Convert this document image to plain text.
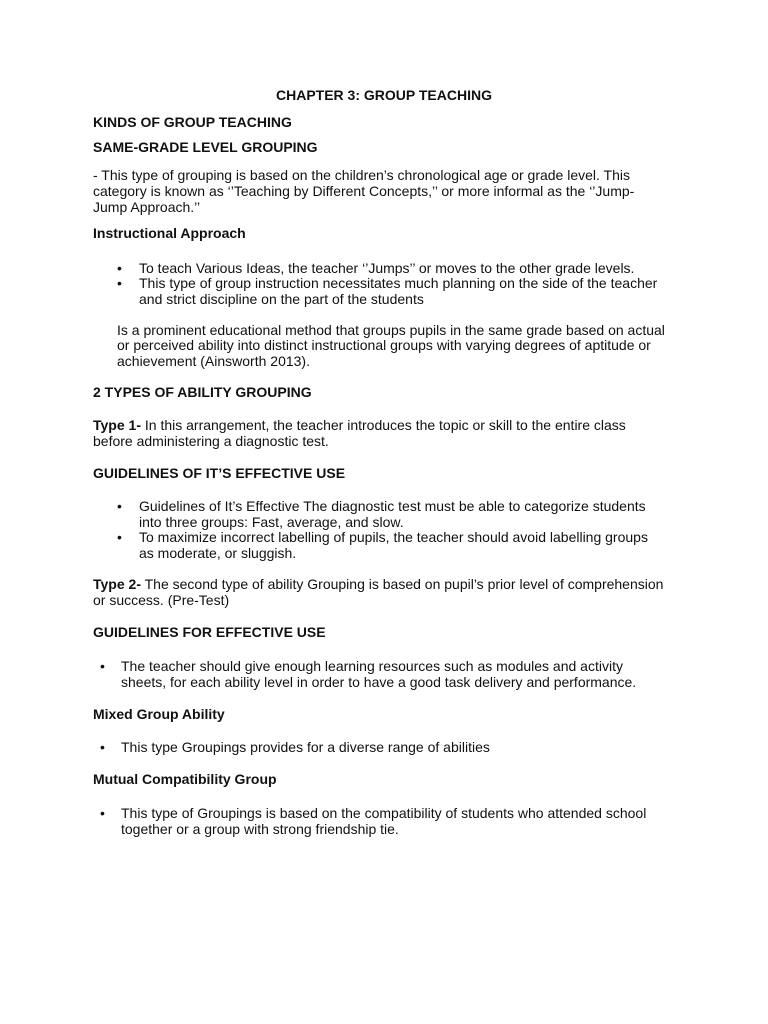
CHAPTER 3: GROUP TEACHING
KINDS OF GROUP TEACHING
SAME-GRADE LEVEL GROUPING
- This type of grouping is based on the children’s chronological age or grade level. This
category is known as ‘’Teaching by Different Concepts,’’ or more informal as the ‘’Jump-
Jump Approach.’’
Instructional Approach
• To teach Various Ideas, the teacher ‘’Jumps’’ or moves to the other grade levels.
• This type of group instruction necessitates much planning on the side of the teacher
and strict discipline on the part of the students
Is a prominent educational method that groups pupils in the same grade based on actual
or perceived ability into distinct instructional groups with varying degrees of aptitude or
achievement (Ainsworth 2013).
2 TYPES OF ABILITY GROUPING
Type 1- In this arrangement, the teacher introduces the topic or skill to the entire class
before administering a diagnostic test.
GUIDELINES OF IT’S EFFECTIVE USE
• Guidelines of It’s Effective The diagnostic test must be able to categorize students
into three groups: Fast, average, and slow.
• To maximize incorrect labelling of pupils, the teacher should avoid labelling groups
as moderate, or sluggish.
Type 2- The second type of ability Grouping is based on pupil’s prior level of comprehension
or success. (Pre-Test)
GUIDELINES FOR EFFECTIVE USE
• The teacher should give enough learning resources such as modules and activity
sheets, for each ability level in order to have a good task delivery and performance.
Mixed Group Ability
• This type Groupings provides for a diverse range of abilities
Mutual Compatibility Group
• This type of Groupings is based on the compatibility of students who attended school
together or a group with strong friendship tie.
